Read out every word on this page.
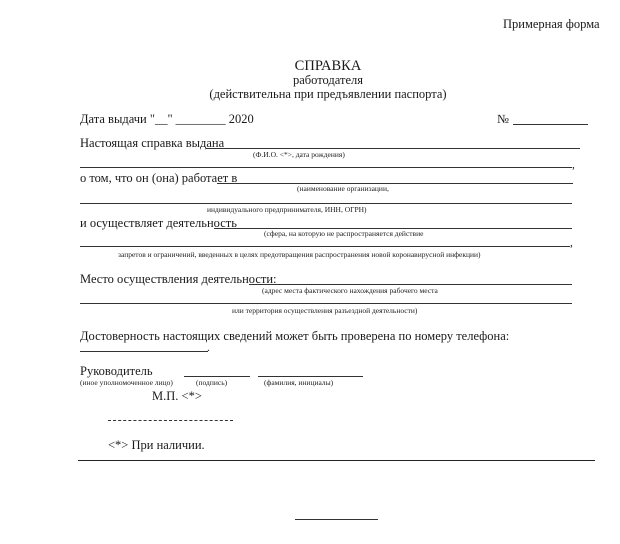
Примерная форма
СПРАВКА
работодателя
(действительна при предъявлении паспорта)
Дата выдачи "__" ________ 2020	№
Настоящая справка выдана
(Ф.И.О. <*>, дата рождения)
,
о том, что он (она) работает в
(наименование организации,
индивидуального предпринимателя, ИНН, ОГРН)
и осуществляет деятельность
(сфера, на которую не распространяется действие
,
запретов и ограничений, введенных в целях предотвращения распространения новой коронавирусной инфекции)
Место осуществления деятельности:
(адрес места фактического нахождения рабочего места
или территория осуществления разъездной деятельности)
Достоверность настоящих сведений может быть проверена по номеру телефона:
.
Руководитель
(иное уполномоченное лицо)	(подпись)	(фамилия, инициалы)
М.П. <*>
<*> При наличии.
